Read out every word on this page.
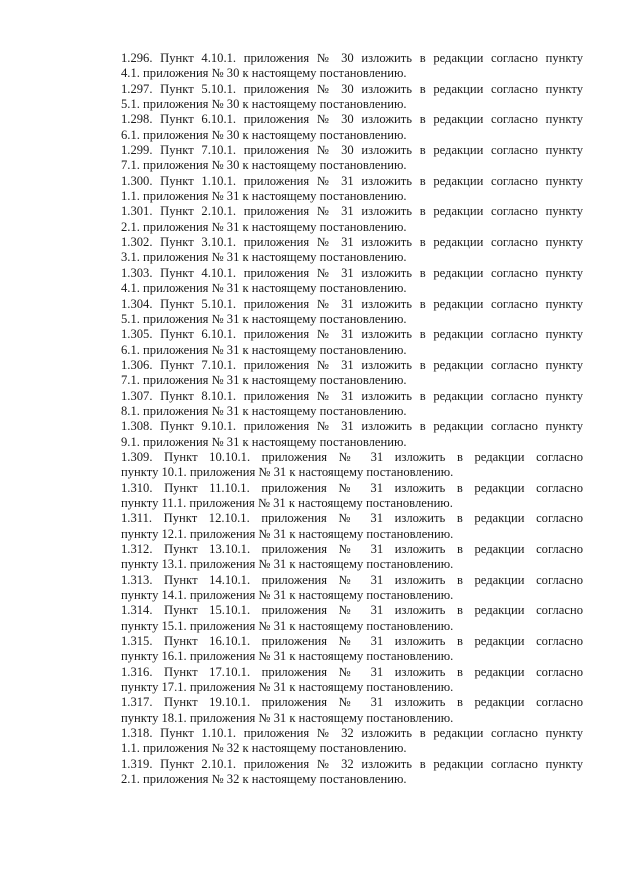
1.296. Пункт 4.10.1. приложения № 30 изложить в редакции согласно пункту
4.1. приложения № 30 к настоящему постановлению.
1.297. Пункт 5.10.1. приложения № 30 изложить в редакции согласно пункту
5.1. приложения № 30 к настоящему постановлению.
1.298. Пункт 6.10.1. приложения № 30 изложить в редакции согласно пункту
6.1. приложения № 30 к настоящему постановлению.
1.299. Пункт 7.10.1. приложения № 30 изложить в редакции согласно пункту
7.1. приложения № 30 к настоящему постановлению.
1.300. Пункт 1.10.1. приложения № 31 изложить в редакции согласно пункту
1.1. приложения № 31 к настоящему постановлению.
1.301. Пункт 2.10.1. приложения № 31 изложить в редакции согласно пункту
2.1. приложения № 31 к настоящему постановлению.
1.302. Пункт 3.10.1. приложения № 31 изложить в редакции согласно пункту
3.1. приложения № 31 к настоящему постановлению.
1.303. Пункт 4.10.1. приложения № 31 изложить в редакции согласно пункту
4.1. приложения № 31 к настоящему постановлению.
1.304. Пункт 5.10.1. приложения № 31 изложить в редакции согласно пункту
5.1. приложения № 31 к настоящему постановлению.
1.305. Пункт 6.10.1. приложения № 31 изложить в редакции согласно пункту
6.1. приложения № 31 к настоящему постановлению.
1.306. Пункт 7.10.1. приложения № 31 изложить в редакции согласно пункту
7.1. приложения № 31 к настоящему постановлению.
1.307. Пункт 8.10.1. приложения № 31 изложить в редакции согласно пункту
8.1. приложения № 31 к настоящему постановлению.
1.308. Пункт 9.10.1. приложения № 31 изложить в редакции согласно пункту
9.1. приложения № 31 к настоящему постановлению.
1.309. Пункт 10.10.1. приложения № 31 изложить в редакции согласно
пункту 10.1. приложения № 31 к настоящему постановлению.
1.310. Пункт 11.10.1. приложения № 31 изложить в редакции согласно
пункту 11.1. приложения № 31 к настоящему постановлению.
1.311. Пункт 12.10.1. приложения № 31 изложить в редакции согласно
пункту 12.1. приложения № 31 к настоящему постановлению.
1.312. Пункт 13.10.1. приложения № 31 изложить в редакции согласно
пункту 13.1. приложения № 31 к настоящему постановлению.
1.313. Пункт 14.10.1. приложения № 31 изложить в редакции согласно
пункту 14.1. приложения № 31 к настоящему постановлению.
1.314. Пункт 15.10.1. приложения № 31 изложить в редакции согласно
пункту 15.1. приложения № 31 к настоящему постановлению.
1.315. Пункт 16.10.1. приложения № 31 изложить в редакции согласно
пункту 16.1. приложения № 31 к настоящему постановлению.
1.316. Пункт 17.10.1. приложения № 31 изложить в редакции согласно
пункту 17.1. приложения № 31 к настоящему постановлению.
1.317. Пункт 19.10.1. приложения № 31 изложить в редакции согласно
пункту 18.1. приложения № 31 к настоящему постановлению.
1.318. Пункт 1.10.1. приложения № 32 изложить в редакции согласно пункту
1.1. приложения № 32 к настоящему постановлению.
1.319. Пункт 2.10.1. приложения № 32 изложить в редакции согласно пункту
2.1. приложения № 32 к настоящему постановлению.
